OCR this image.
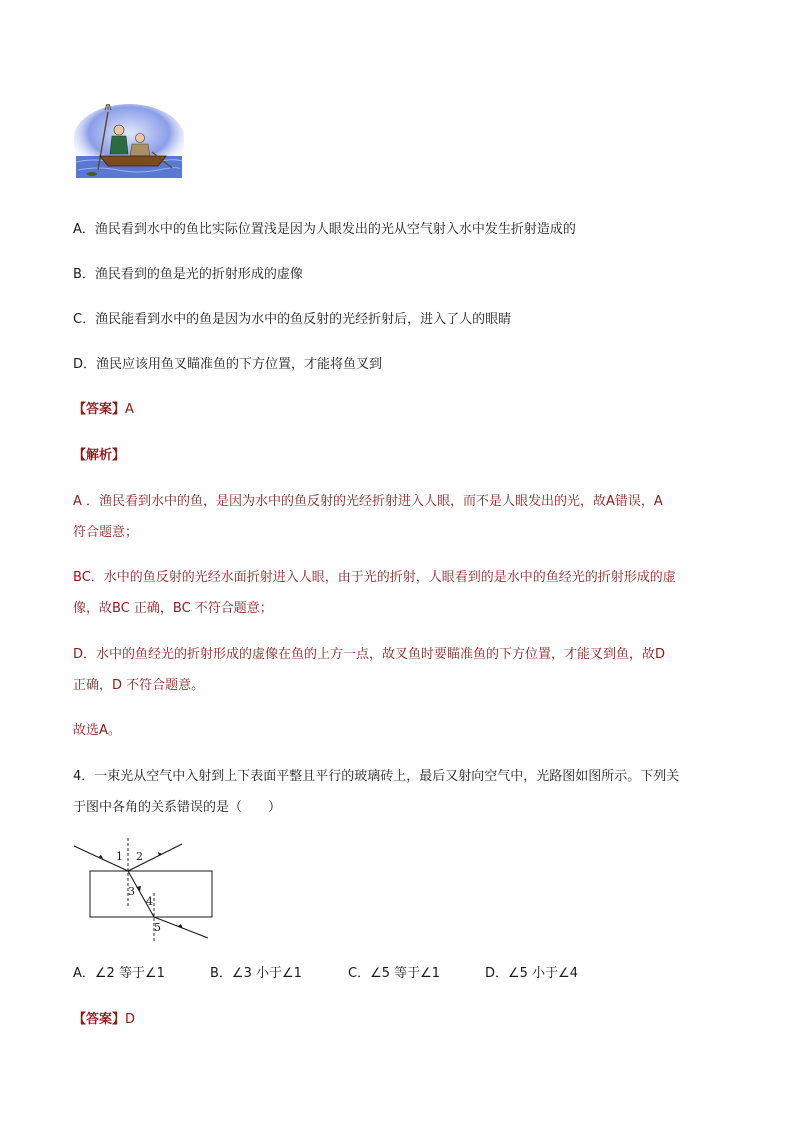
A．渔民看到水中的鱼比实际位置浅是因为人眼发出的光从空气射入水中发生折射造成的
B．渔民看到的鱼是光的折射形成的虚像
C．渔民能看到水中的鱼是因为水中的鱼反射的光经折射后，进入了人的眼睛
D．渔民应该用鱼叉瞄准鱼的下方位置，才能将鱼叉到
【答案】A
【解析】
A ．渔民看到水中的鱼，是因为水中的鱼反射的光经折射进入人眼，而不是人眼发出的光，故A错误，A
符合题意；
BC．水中的鱼反射的光经水面折射进入人眼，由于光的折射，人眼看到的是水中的鱼经光的折射形成的虚
像，故BC 正确，BC 不符合题意；
D．水中的鱼经光的折射形成的虚像在鱼的上方一点，故叉鱼时要瞄准鱼的下方位置，才能叉到鱼，故D
正确，D 不符合题意。
故选A。
4．一束光从空气中入射到上下表面平整且平行的玻璃砖上，最后又射向空气中，光路图如图所示。下列关
于图中各角的关系错误的是（　　）
1 2
3
4
5
A．∠2 等于∠1	B．∠3 小于∠1	C．∠5 等于∠1	D．∠5 小于∠4
【答案】D
